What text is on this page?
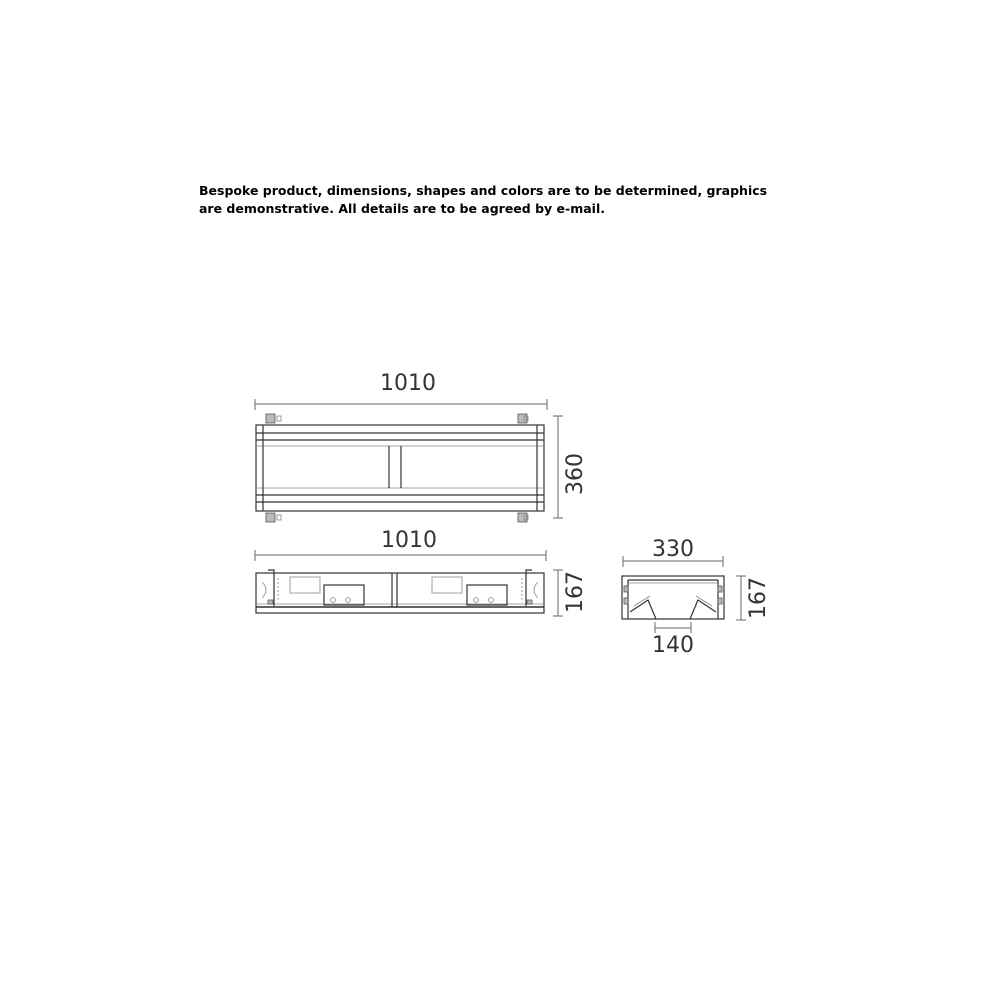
Bespoke product, dimensions, shapes and colors are to be determined, graphics
are demonstrative. All details are to be agreed by e-mail.
1010
360
1010
167
330
167
140
